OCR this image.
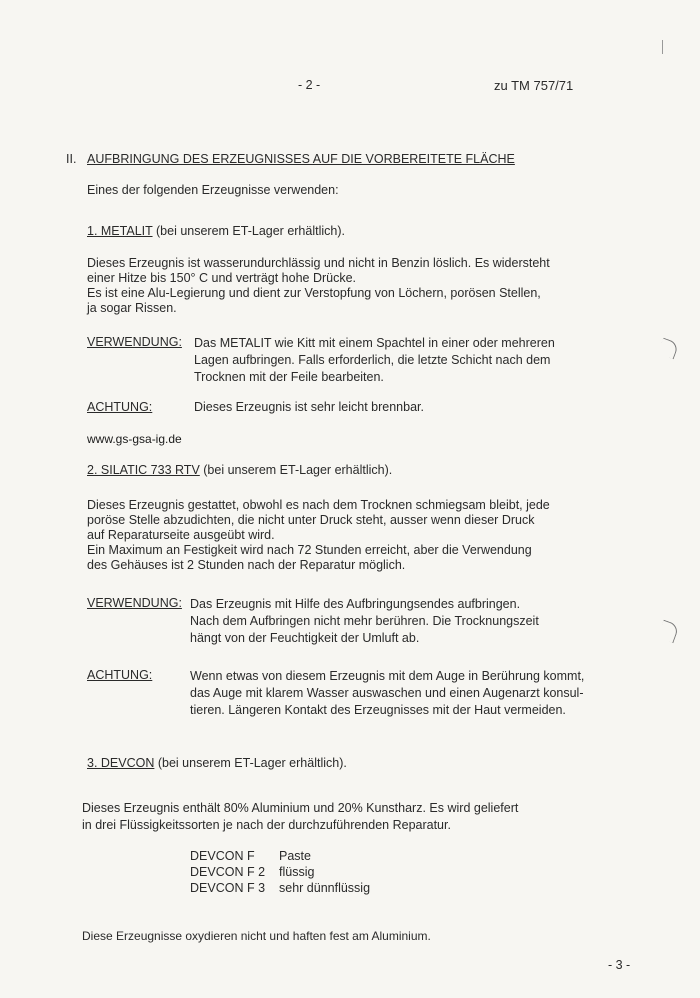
- 2 -	zu TM 757/71
II. AUFBRINGUNG DES ERZEUGNISSES AUF DIE VORBEREITETE FLÄCHE
Eines der folgenden Erzeugnisse verwenden:
1. METALIT (bei unserem ET-Lager erhältlich).
Dieses Erzeugnis ist wasserundurchlässig und nicht in Benzin löslich. Es widersteht
einer Hitze bis 150° C und verträgt hohe Drücke.
Es ist eine Alu-Legierung und dient zur Verstopfung von Löchern, porösen Stellen,
ja sogar Rissen.
VERWENDUNG: Das METALIT wie Kitt mit einem Spachtel in einer oder mehreren
Lagen aufbringen. Falls erforderlich, die letzte Schicht nach dem
Trocknen mit der Feile bearbeiten.
ACHTUNG:	Dieses Erzeugnis ist sehr leicht brennbar.
www.gs-gsa-ig.de
2. SILATIC 733 RTV (bei unserem ET-Lager erhältlich).
Dieses Erzeugnis gestattet, obwohl es nach dem Trocknen schmiegsam bleibt, jede
poröse Stelle abzudichten, die nicht unter Druck steht, ausser wenn dieser Druck
auf Reparaturseite ausgeübt wird.
Ein Maximum an Festigkeit wird nach 72 Stunden erreicht, aber die Verwendung
des Gehäuses ist 2 Stunden nach der Reparatur möglich.
VERWENDUNG: Das Erzeugnis mit Hilfe des Aufbringungsendes aufbringen.
Nach dem Aufbringen nicht mehr berühren. Die Trocknungszeit
hängt von der Feuchtigkeit der Umluft ab.
ACHTUNG:	Wenn etwas von diesem Erzeugnis mit dem Auge in Berührung kommt,
das Auge mit klarem Wasser auswaschen und einen Augenarzt konsul-
tieren. Längeren Kontakt des Erzeugnisses mit der Haut vermeiden.
3. DEVCON (bei unserem ET-Lager erhältlich).
Dieses Erzeugnis enthält 80% Aluminium und 20% Kunstharz. Es wird geliefert
in drei Flüssigkeitssorten je nach der durchzuführenden Reparatur.
DEVCON F	Paste
DEVCON F 2	flüssig
DEVCON F 3	sehr dünnflüssig
Diese Erzeugnisse oxydieren nicht und haften fest am Aluminium.
- 3 -
